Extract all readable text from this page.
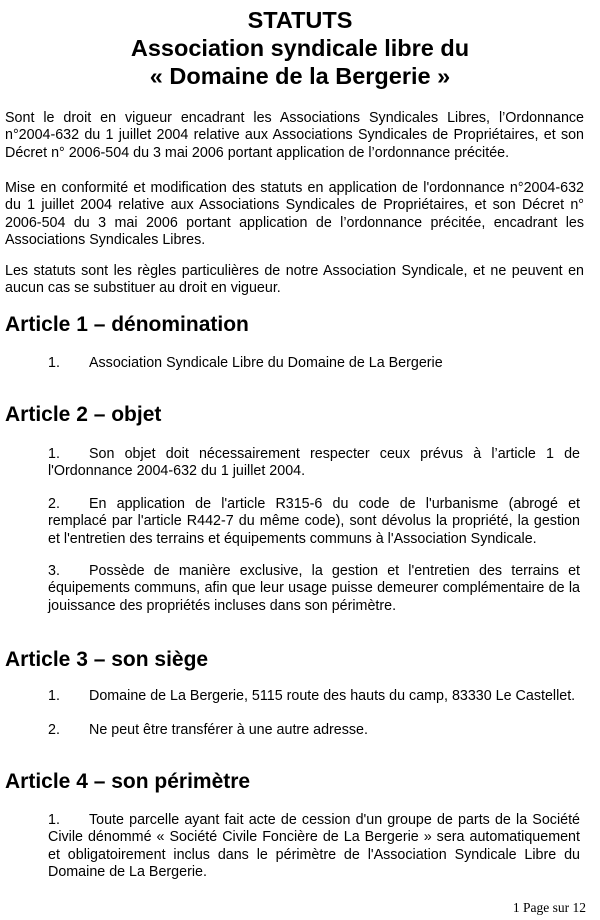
STATUTS
Association syndicale libre du
« Domaine de la Bergerie »

Sont le droit en vigueur encadrant les Associations Syndicales Libres, l’Ordonnance n°2004-632 du 1 juillet 2004 relative aux Associations Syndicales de Propriétaires, et son Décret n° 2006-504 du 3 mai 2006 portant application de l’ordonnance précitée.

Mise en conformité et modification des statuts en application de l'ordonnance n°2004-632 du 1 juillet 2004 relative aux Associations Syndicales de Propriétaires, et son Décret n° 2006-504 du 3 mai 2006 portant application de l’ordonnance précitée, encadrant les Associations Syndicales Libres.

Les statuts sont les règles particulières de notre Association Syndicale, et ne peuvent en aucun cas se substituer au droit en vigueur.

Article 1 – dénomination

1. Association Syndicale Libre du Domaine de La Bergerie

Article 2 – objet

1. Son objet doit nécessairement respecter ceux prévus à l’article 1 de l'Ordonnance 2004-632 du 1 juillet 2004.

2. En application de l'article R315-6 du code de l'urbanisme (abrogé et remplacé par l'article R442-7 du même code), sont dévolus la propriété, la gestion et l'entretien des terrains et équipements communs à l'Association Syndicale.

3. Possède de manière exclusive, la gestion et l'entretien des terrains et équipements communs, afin que leur usage puisse demeurer complémentaire de la jouissance des propriétés incluses dans son périmètre.

Article 3 – son siège

1. Domaine de La Bergerie, 5115 route des hauts du camp, 83330 Le Castellet.

2. Ne peut être transférer à une autre adresse.

Article 4 – son périmètre

1. Toute parcelle ayant fait acte de cession d'un groupe de parts de la Société Civile dénommé « Société Civile Foncière de La Bergerie » sera automatiquement et obligatoirement inclus dans le périmètre de l'Association Syndicale Libre du Domaine de La Bergerie.

1 Page sur 12
